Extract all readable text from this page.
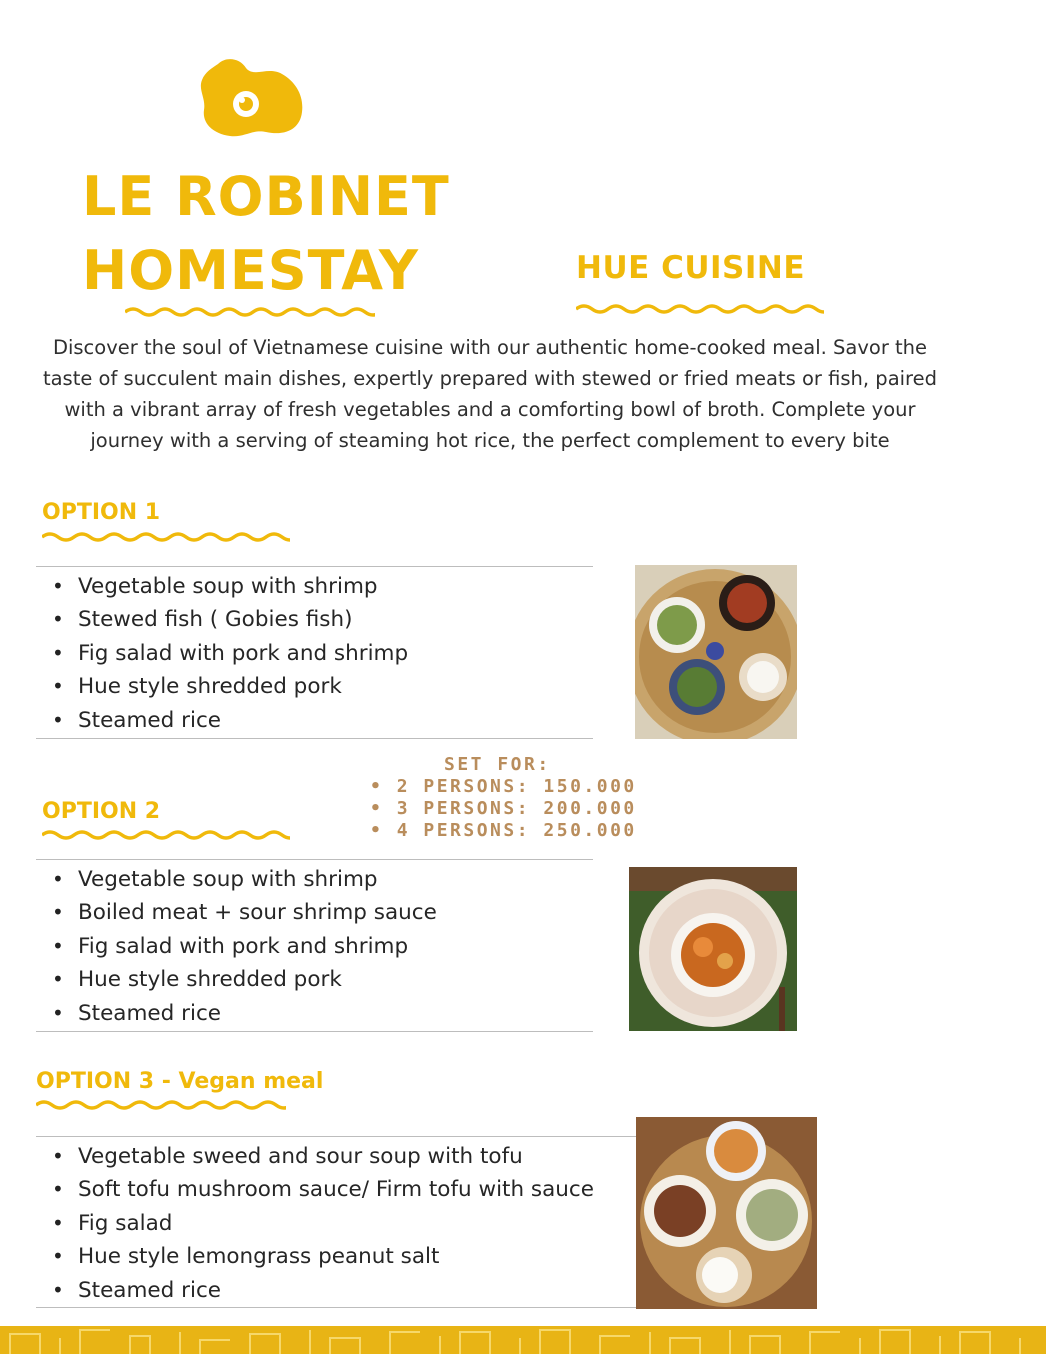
LE ROBINET
HOMESTAY	HUE CUISINE

Discover the soul of Vietnamese cuisine with our authentic home-cooked meal. Savor the taste of succulent main dishes, expertly prepared with stewed or fried meats or fish, paired with a vibrant array of fresh vegetables and a comforting bowl of broth. Complete your journey with a serving of steaming hot rice, the perfect complement to every bite

OPTION 1
• Vegetable soup with shrimp
• Stewed fish ( Gobies fish)
• Fig salad with pork and shrimp
• Hue style shredded pork
• Steamed rice
SET FOR:
• 2 PERSONS: 150.000
• 3 PERSONS: 200.000
• 4 PERSONS: 250.000
OPTION 2
• Vegetable soup with shrimp
• Boiled meat + sour shrimp sauce
• Fig salad with pork and shrimp
• Hue style shredded pork
• Steamed rice
OPTION 3 - Vegan meal
• Vegetable sweed and sour soup with tofu
• Soft tofu mushroom sauce/ Firm tofu with sauce
• Fig salad
• Hue style lemongrass peanut salt
• Steamed rice
